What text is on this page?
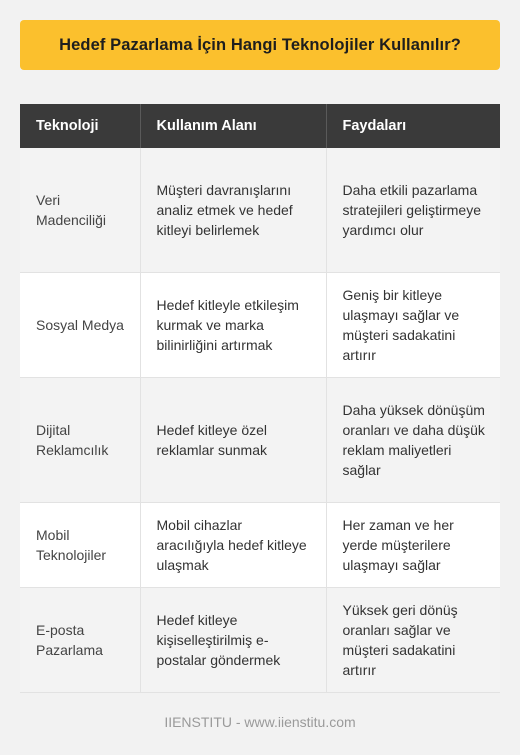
Hedef Pazarlama İçin Hangi Teknolojiler Kullanılır?
Teknoloji	Kullanım Alanı	Faydaları
Veri Madenciliği	Müşteri davranışlarını analiz etmek ve hedef kitleyi belirlemek	Daha etkili pazarlama stratejileri geliştirmeye yardımcı olur
Sosyal Medya	Hedef kitleyle etkileşim kurmak ve marka bilinirliğini artırmak	Geniş bir kitleye ulaşmayı sağlar ve müşteri sadakatini artırır
Dijital Reklamcılık	Hedef kitleye özel reklamlar sunmak	Daha yüksek dönüşüm oranları ve daha düşük reklam maliyetleri sağlar
Mobil Teknolojiler	Mobil cihazlar aracılığıyla hedef kitleye ulaşmak	Her zaman ve her yerde müşterilere ulaşmayı sağlar
E-posta Pazarlama	Hedef kitleye kişiselleştirilmiş e-postalar göndermek	Yüksek geri dönüş oranları sağlar ve müşteri sadakatini artırır
IIENSTITU - www.iienstitu.com
